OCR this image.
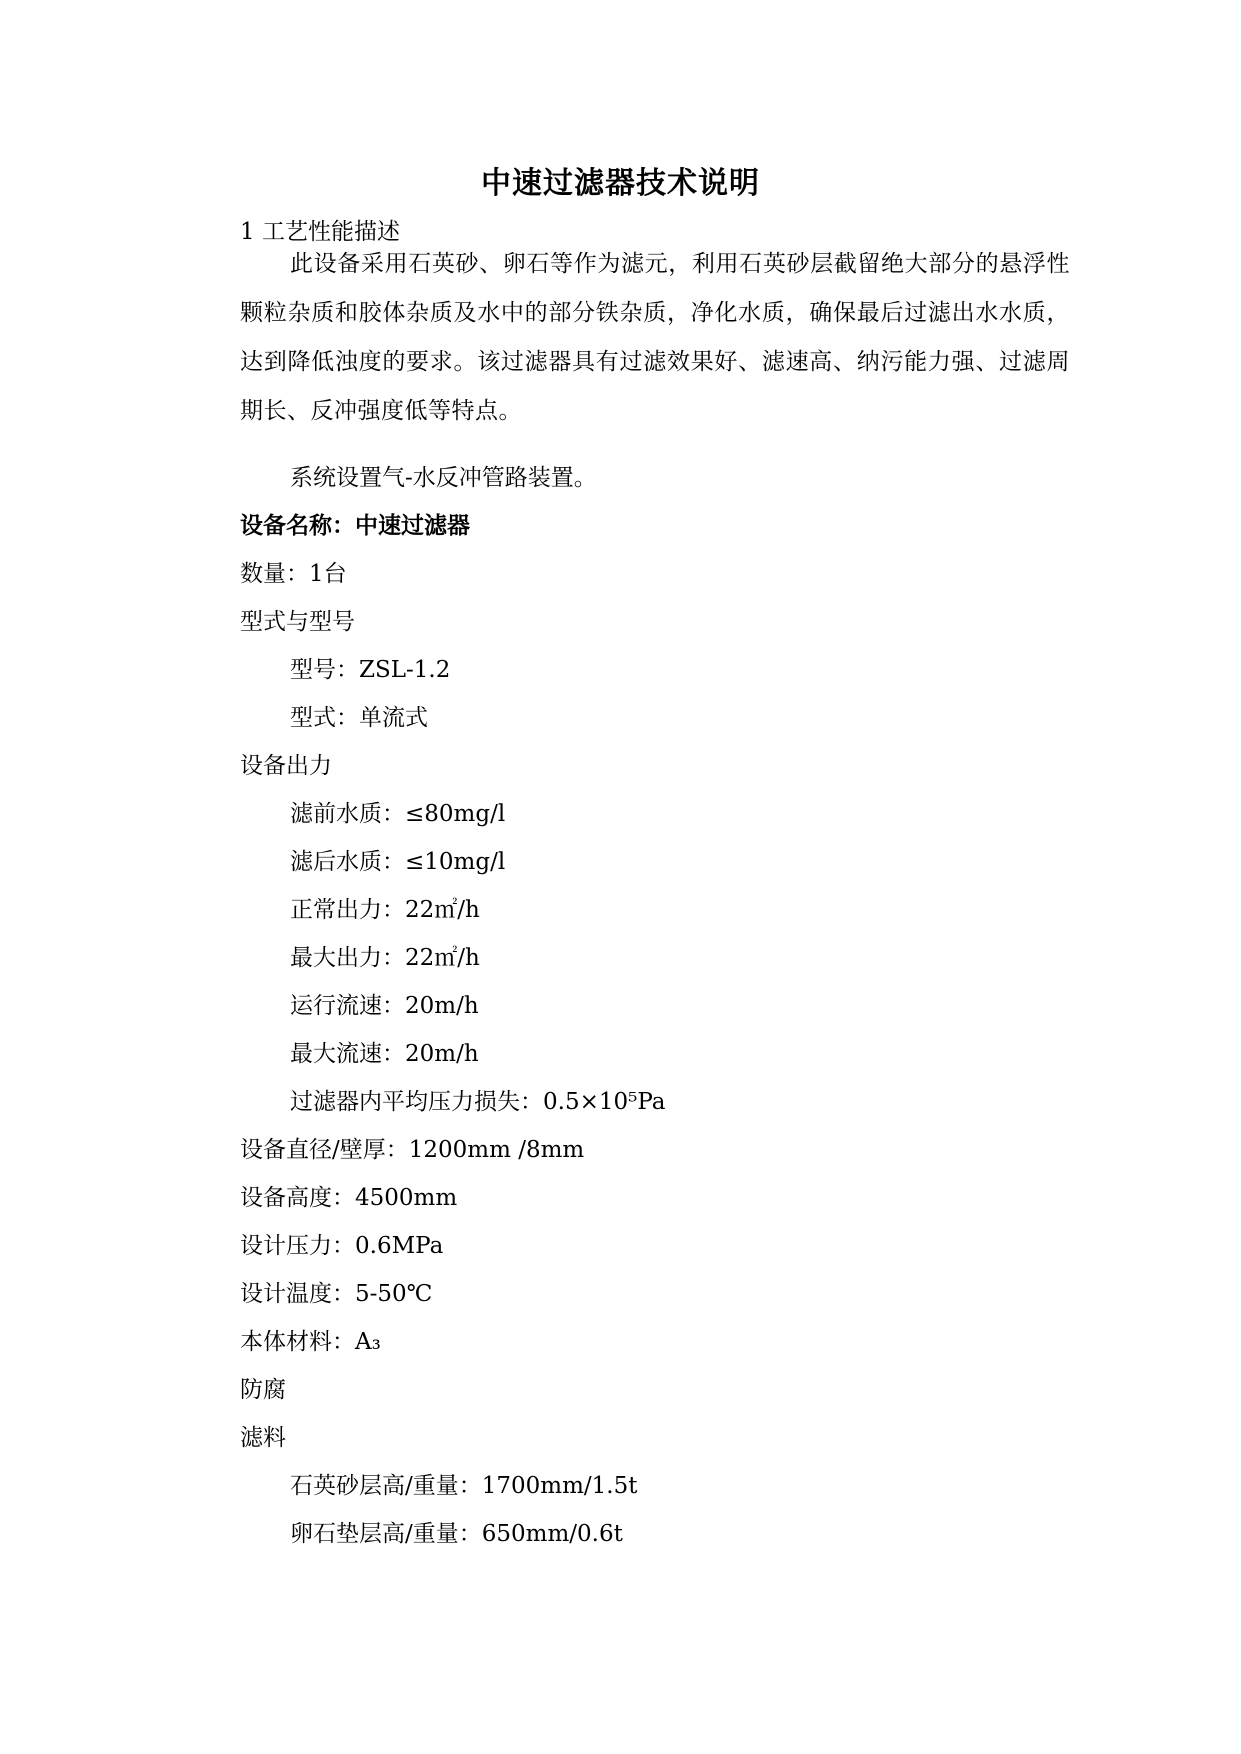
中速过滤器技术说明
1 工艺性能描述
此设备采用石英砂、卵石等作为滤元，利用石英砂层截留绝大部分的悬浮性颗粒杂质和胶体杂质及水中的部分铁杂质，净化水质，确保最后过滤出水水质，达到降低浊度的要求。该过滤器具有过滤效果好、滤速高、纳污能力强、过滤周期长、反冲强度低等特点。
系统设置气-水反冲管路装置。
设备名称：中速过滤器
数量：1台
型式与型号
型号：ZSL-1.2
型式：单流式
设备出力
滤前水质：≤80mg/l
滤后水质：≤10mg/l
正常出力：22㎡/h
最大出力：22㎡/h
运行流速：20m/h
最大流速：20m/h
过滤器内平均压力损失：0.5×10⁵Pa
设备直径/壁厚：1200mm /8mm
设备高度：4500mm
设计压力：0.6MPa
设计温度：5-50℃
本体材料：A₃
防腐
滤料
石英砂层高/重量：1700mm/1.5t
卵石垫层高/重量：650mm/0.6t
